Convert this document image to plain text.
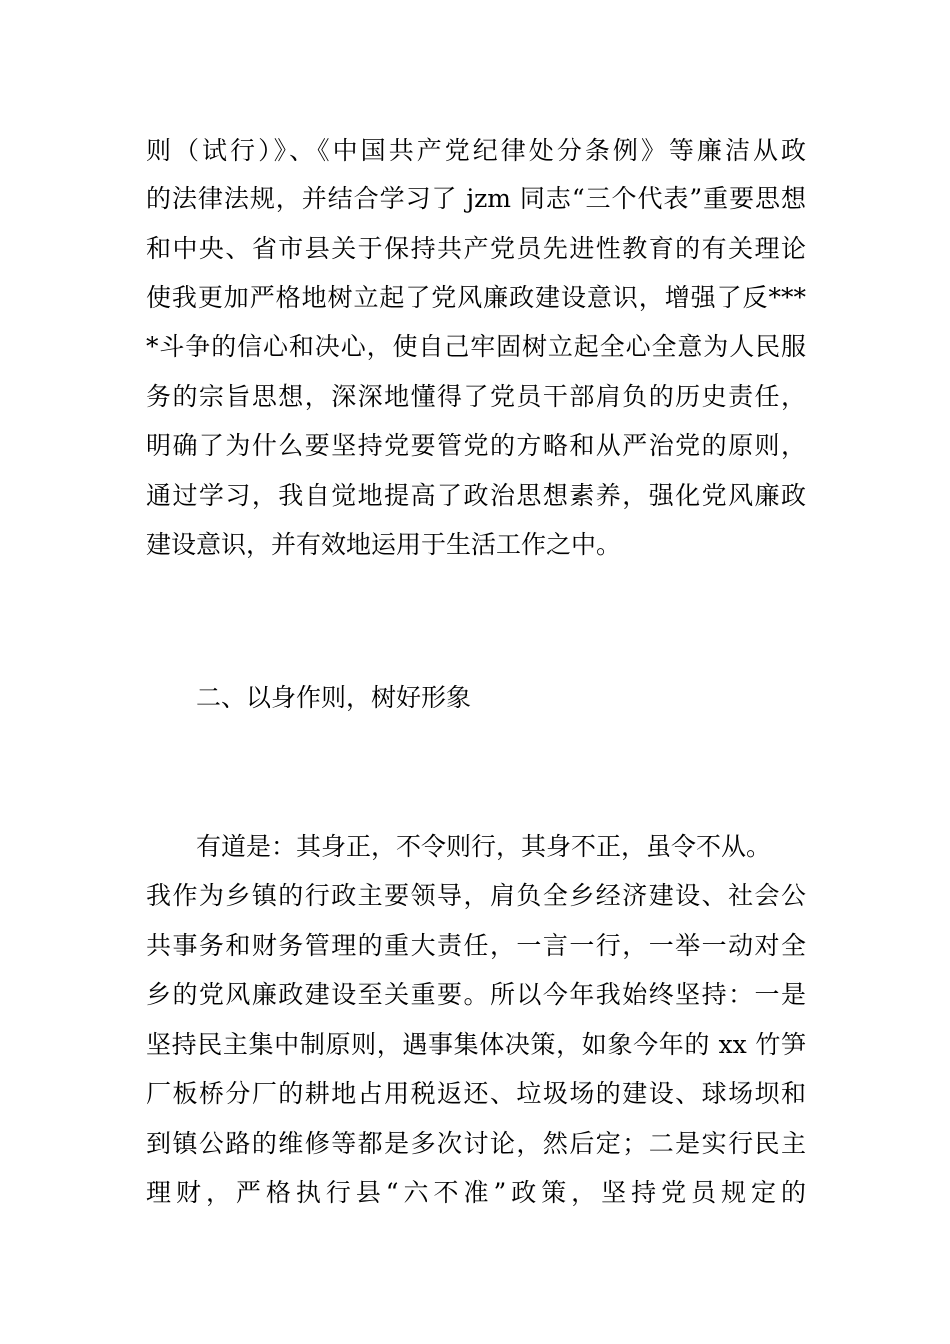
则（试行）》、《中国共产党纪律处分条例》等廉洁从政
的法律法规，并结合学习了 jzm 同志“三个代表”重要思想
和中央、省市县关于保持共产党员先进性教育的有关理论
使我更加严格地树立起了党风廉政建设意识，增强了反***
*斗争的信心和决心，使自己牢固树立起全心全意为人民服
务的宗旨思想，深深地懂得了党员干部肩负的历史责任，
明确了为什么要坚持党要管党的方略和从严治党的原则，
通过学习，我自觉地提高了政治思想素养，强化党风廉政
建设意识，并有效地运用于生活工作之中。
二、以身作则，树好形象
有道是：其身正，不令则行，其身不正，虽令不从。
我作为乡镇的行政主要领导，肩负全乡经济建设、社会公
共事务和财务管理的重大责任，一言一行，一举一动对全
乡的党风廉政建设至关重要。所以今年我始终坚持：一是
坚持民主集中制原则，遇事集体决策，如象今年的 xx 竹笋
厂板桥分厂的耕地占用税返还、垃圾场的建设、球场坝和
到镇公路的维修等都是多次讨论，然后定；二是实行民主
理财，严格执行县“六不准”政策，坚持党员规定的
